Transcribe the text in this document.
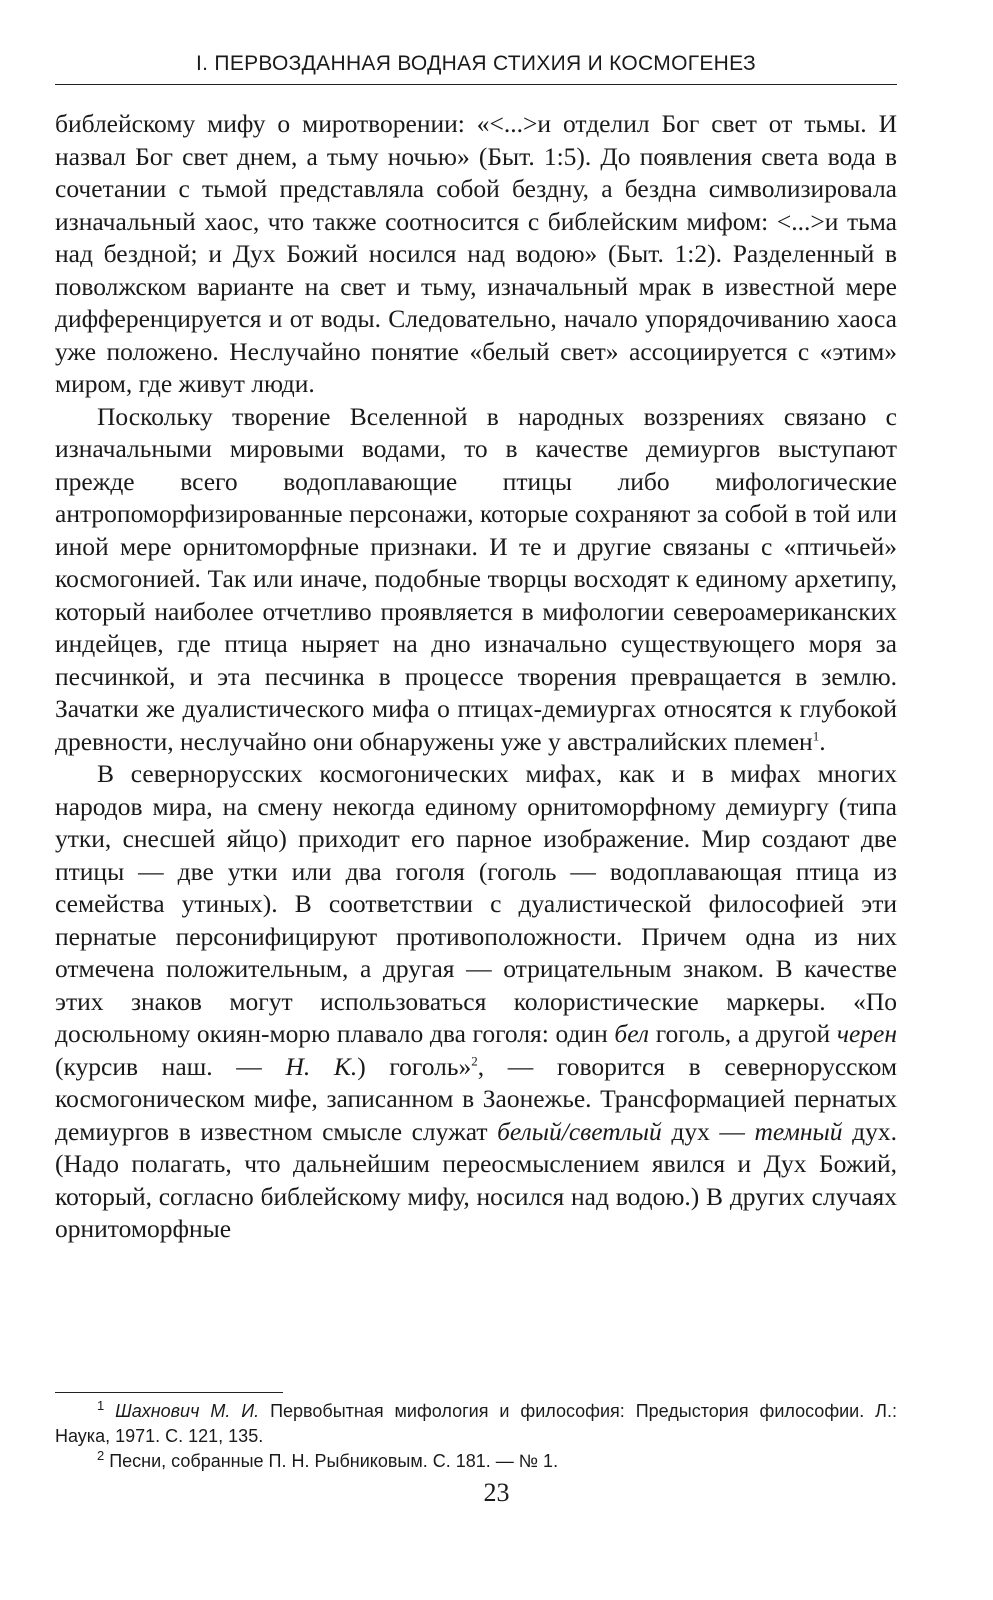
I. ПЕРВОЗДАННАЯ ВОДНАЯ СТИХИЯ И КОСМОГЕНЕЗ

библейскому мифу о миротворении: «<...>и отделил Бог свет от тьмы. И назвал Бог свет днем, а тьму ночью» (Быт. 1:5). До появления света вода в сочетании с тьмой представляла собой бездну, а бездна символизировала изначальный хаос, что также соотносится с библейским мифом: <...>и тьма над бездной; и Дух Божий носился над водою» (Быт. 1:2). Разделенный в поволжском варианте на свет и тьму, изначальный мрак в известной мере дифференцируется и от воды. Следовательно, начало упорядочиванию хаоса уже положено. Неслучайно понятие «белый свет» ассоциируется с «этим» миром, где живут люди.

Поскольку творение Вселенной в народных воззрениях связано с изначальными мировыми водами, то в качестве демиургов выступают прежде всего водоплавающие птицы либо мифологические антропоморфизированные персонажи, которые сохраняют за собой в той или иной мере орнитоморфные признаки. И те и другие связаны с «птичьей» космогонией. Так или иначе, подобные творцы восходят к единому архетипу, который наиболее отчетливо проявляется в мифологии североамериканских индейцев, где птица ныряет на дно изначально существующего моря за песчинкой, и эта песчинка в процессе творения превращается в землю. Зачатки же дуалистического мифа о птицах-демиургах относятся к глубокой древности, неслучайно они обнаружены уже у австралийских племен$^1$.

В севернорусских космогонических мифах, как и в мифах многих народов мира, на смену некогда единому орнитоморфному демиургу (типа утки, снесшей яйцо) приходит его парное изображение. Мир создают две птицы — две утки или два гоголя (гоголь — водоплавающая птица из семейства утиных). В соответствии с дуалистической философией эти пернатые персонифицируют противоположности. Причем одна из них отмечена положительным, а другая — отрицательным знаком. В качестве этих знаков могут использоваться колористические маркеры. «По досюльному окиян-морю плавало два гоголя: один бел гоголь, а другой черен (курсив наш. — Н. К.) гоголь»$^2$, — говорится в севернорусском космогоническом мифе, записанном в Заонежье. Трансформацией пернатых демиургов в известном смысле служат белый/светлый дух — темный дух. (Надо полагать, что дальнейшим переосмыслением явился и Дух Божий, который, согласно библейскому мифу, носился над водою.) В других случаях орнитоморфные

$^1$ Шахнович М. И. Первобытная мифология и философия: Предыстория философии. Л.: Наука, 1971. С. 121, 135.

$^2$ Песни, собранные П. Н. Рыбниковым. С. 181. — № 1.

23
